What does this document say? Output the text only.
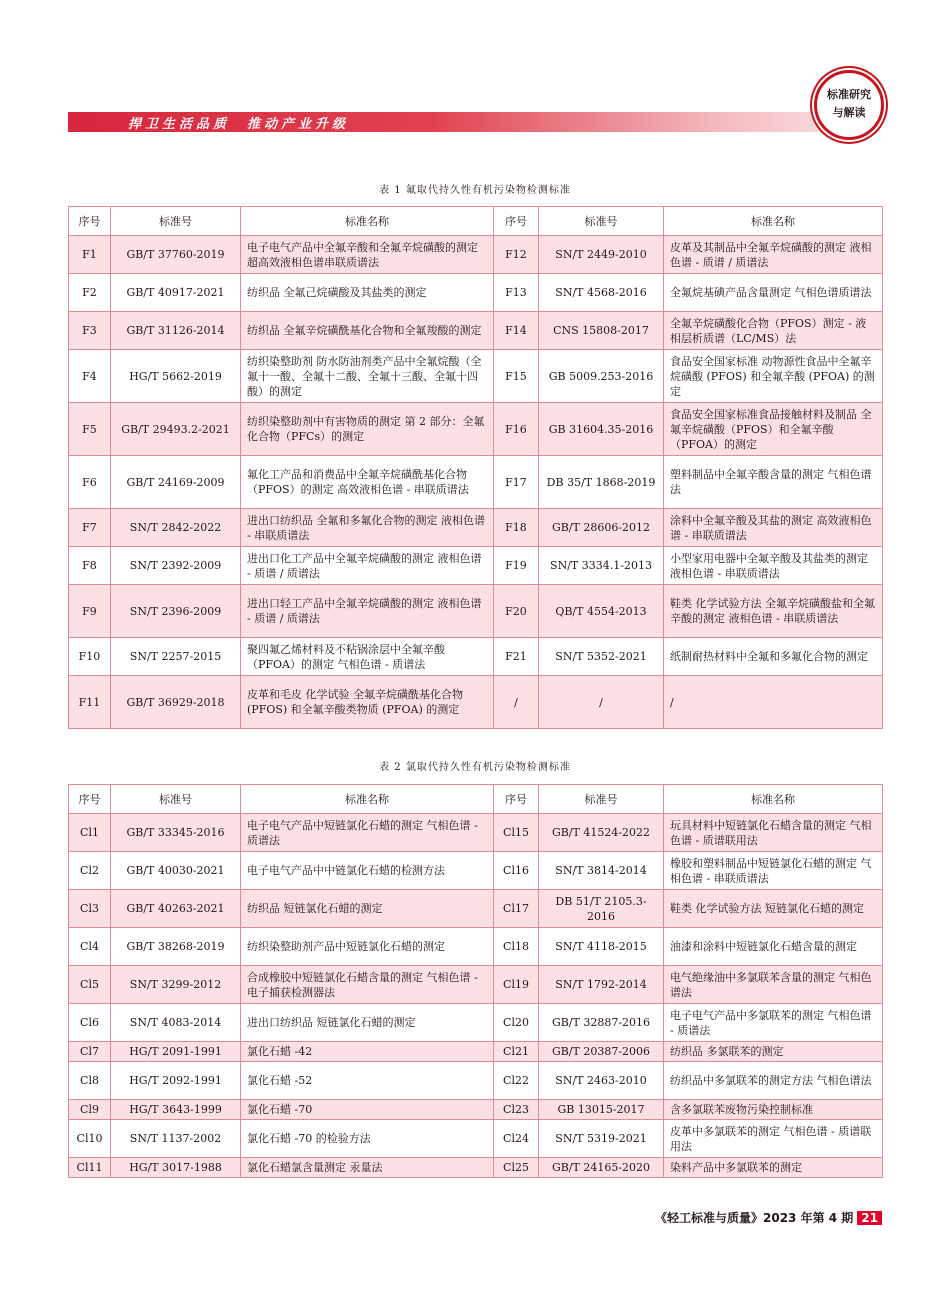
捍卫生活品质　推动产业升级
标准研究
与解读
表 1 氟取代持久性有机污染物检测标准
序号	标准号	标准名称	序号	标准号	标准名称
F1	GB/T 37760-2019	电子电气产品中全氟辛酸和全氟辛烷磺酸的测定 超高效液相色谱串联质谱法	F12	SN/T 2449-2010	皮革及其制品中全氟辛烷磺酸的测定 液相色谱 - 质谱 / 质谱法
F2	GB/T 40917-2021	纺织品 全氟己烷磺酸及其盐类的测定	F13	SN/T 4568-2016	全氟烷基碘产品含量测定 气相色谱质谱法
F3	GB/T 31126-2014	纺织品 全氟辛烷磺酰基化合物和全氟羧酸的测定	F14	CNS 15808-2017	全氟辛烷磺酸化合物（PFOS）测定 - 液相层析质谱（LC/MS）法
F4	HG/T 5662-2019	纺织染整助剂 防水防油剂类产品中全氟烷酸（全氟十一酸、全氟十二酸、全氟十三酸、全氟十四酸）的测定	F15	GB 5009.253-2016	食品安全国家标准 动物源性食品中全氟辛烷磺酸 (PFOS) 和全氟辛酸 (PFOA) 的测定
F5	GB/T 29493.2-2021	纺织染整助剂中有害物质的测定 第 2 部分：全氟化合物（PFCs）的测定	F16	GB 31604.35-2016	食品安全国家标准食品接触材料及制品 全氟辛烷磺酸（PFOS）和全氟辛酸（PFOA）的测定
F6	GB/T 24169-2009	氟化工产品和消费品中全氟辛烷磺酰基化合物（PFOS）的测定 高效液相色谱 - 串联质谱法	F17	DB 35/T 1868-2019	塑料制品中全氟辛酸含量的测定 气相色谱法
F7	SN/T 2842-2022	进出口纺织品 全氟和多氟化合物的测定 液相色谱 - 串联质谱法	F18	GB/T 28606-2012	涂料中全氟辛酸及其盐的测定 高效液相色谱 - 串联质谱法
F8	SN/T 2392-2009	进出口化工产品中全氟辛烷磺酸的测定 液相色谱 - 质谱 / 质谱法	F19	SN/T 3334.1-2013	小型家用电器中全氟辛酸及其盐类的测定 液相色谱 - 串联质谱法
F9	SN/T 2396-2009	进出口轻工产品中全氟辛烷磺酸的测定 液相色谱 - 质谱 / 质谱法	F20	QB/T 4554-2013	鞋类 化学试验方法 全氟辛烷磺酸盐和全氟辛酸的测定 液相色谱 - 串联质谱法
F10	SN/T 2257-2015	聚四氟乙烯材料及不粘锅涂层中全氟辛酸（PFOA）的测定 气相色谱 - 质谱法	F21	SN/T 5352-2021	纸制耐热材料中全氟和多氟化合物的测定
F11	GB/T 36929-2018	皮革和毛皮 化学试验 全氟辛烷磺酰基化合物 (PFOS) 和全氟辛酸类物质 (PFOA) 的测定	/	/	/
表 2 氯取代持久性有机污染物检测标准
序号	标准号	标准名称	序号	标准号	标准名称
Cl1	GB/T 33345-2016	电子电气产品中短链氯化石蜡的测定 气相色谱 - 质谱法	Cl15	GB/T 41524-2022	玩具材料中短链氯化石蜡含量的测定 气相色谱 - 质谱联用法
Cl2	GB/T 40030-2021	电子电气产品中中链氯化石蜡的检测方法	Cl16	SN/T 3814-2014	橡胶和塑料制品中短链氯化石蜡的测定 气相色谱 - 串联质谱法
Cl3	GB/T 40263-2021	纺织品 短链氯化石蜡的测定	Cl17	DB 51/T 2105.3-2016	鞋类 化学试验方法 短链氯化石蜡的测定
Cl4	GB/T 38268-2019	纺织染整助剂产品中短链氯化石蜡的测定	Cl18	SN/T 4118-2015	油漆和涂料中短链氯化石蜡含量的测定
Cl5	SN/T 3299-2012	合成橡胶中短链氯化石蜡含量的测定 气相色谱 - 电子捕获检测器法	Cl19	SN/T 1792-2014	电气绝缘油中多氯联苯含量的测定 气相色谱法
Cl6	SN/T 4083-2014	进出口纺织品 短链氯化石蜡的测定	Cl20	GB/T 32887-2016	电子电气产品中多氯联苯的测定 气相色谱 - 质谱法
Cl7	HG/T 2091-1991	氯化石蜡 -42	Cl21	GB/T 20387-2006	纺织品 多氯联苯的测定
Cl8	HG/T 2092-1991	氯化石蜡 -52	Cl22	SN/T 2463-2010	纺织品中多氯联苯的测定方法 气相色谱法
Cl9	HG/T 3643-1999	氯化石蜡 -70	Cl23	GB 13015-2017	含多氯联苯废物污染控制标准
Cl10	SN/T 1137-2002	氯化石蜡 -70 的检验方法	Cl24	SN/T 5319-2021	皮革中多氯联苯的测定 气相色谱 - 质谱联用法
Cl11	HG/T 3017-1988	氯化石蜡氯含量测定 汞量法	Cl25	GB/T 24165-2020	染料产品中多氯联苯的测定
《轻工标准与质量》2023 年第 4 期 21
